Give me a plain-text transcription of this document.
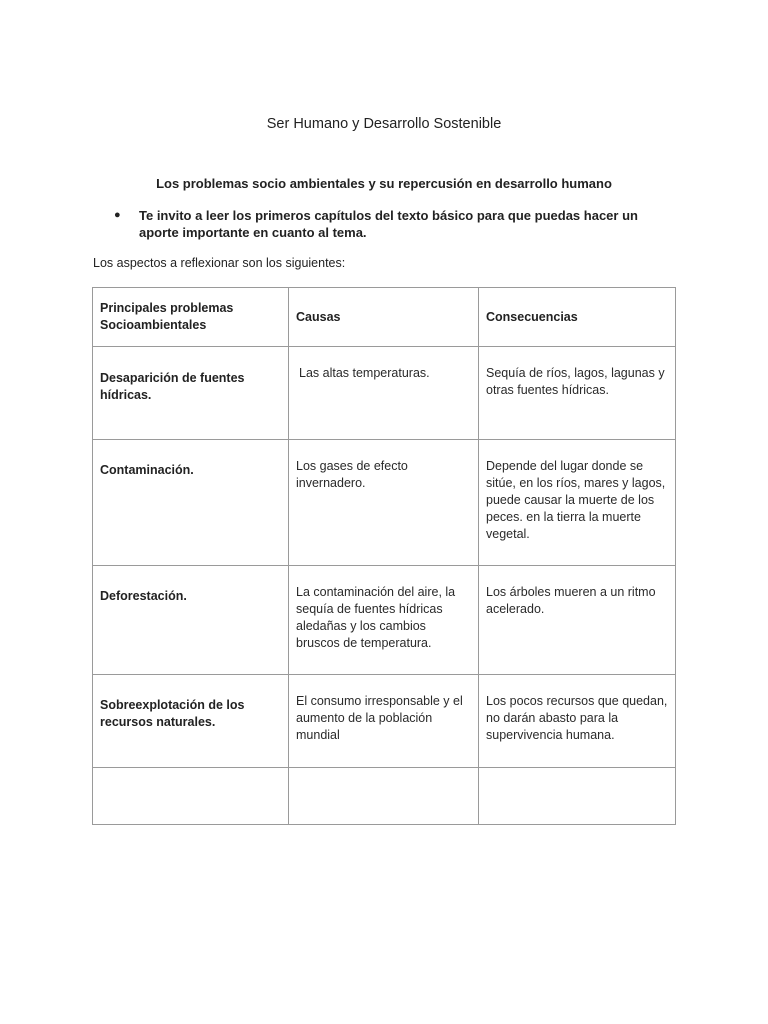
Ser Humano y Desarrollo Sostenible
Los problemas socio ambientales y su repercusión en desarrollo humano
● Te invito a leer los primeros capítulos del texto básico para que puedas hacer un aporte importante en cuanto al tema.
Los aspectos a reflexionar son los siguientes:
Principales problemas Socioambientales	Causas	Consecuencias

Desaparición de fuentes hídricas.	Las altas temperaturas.	Sequía de ríos, lagos, lagunas y otras fuentes hídricas.

Contaminación.	Los gases de efecto invernadero.	Depende del lugar donde se sitúe, en los ríos, mares y lagos, puede causar la muerte de los peces. en la tierra la muerte vegetal.

Deforestación.	La contaminación del aire, la sequía de fuentes hídricas aledañas y los cambios bruscos de temperatura.	Los árboles mueren a un ritmo acelerado.

Sobreexplotación de los recursos naturales.	El consumo irresponsable y el aumento de la población mundial	Los pocos recursos que quedan, no darán abasto para la supervivencia humana.
